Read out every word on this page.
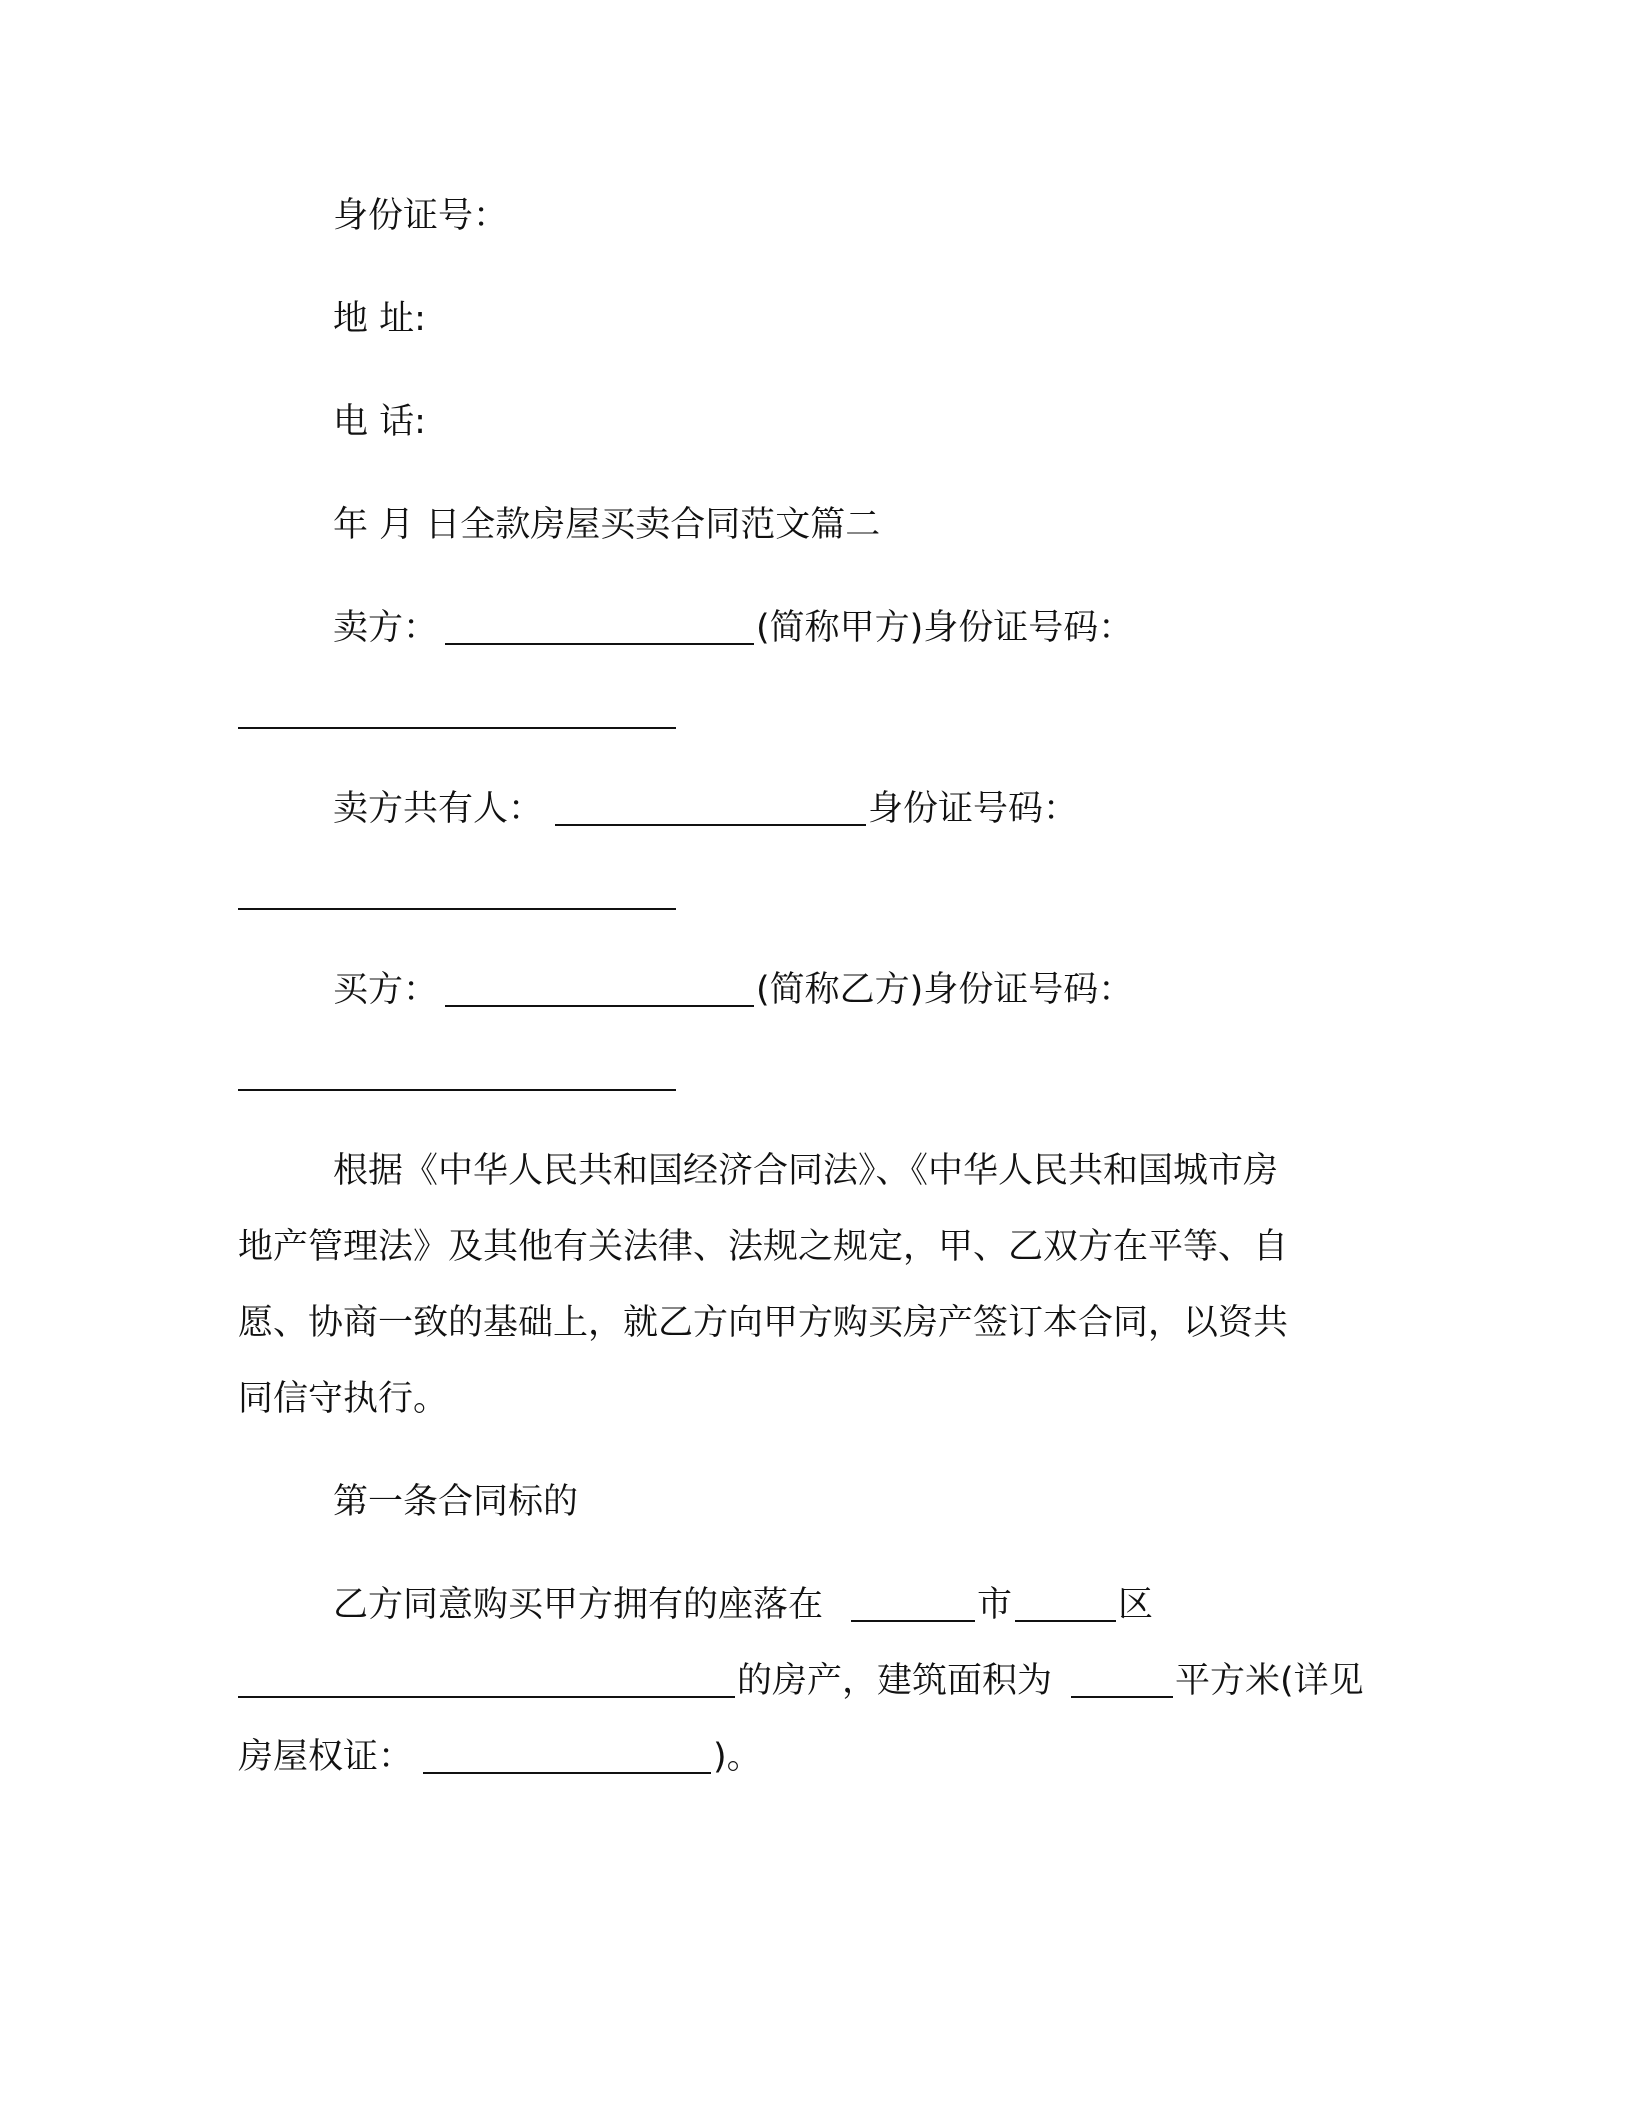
身份证号：
地 址:
电 话:
年 月 日全款房屋买卖合同范文篇二
卖方：	(简称甲方)身份证号码：
卖方共有人：	身份证号码：
买方：	(简称乙方)身份证号码：
根据《中华人民共和国经济合同法》、《中华人民共和国城市房
地产管理法》及其他有关法律、法规之规定，甲、乙双方在平等、自
愿、协商一致的基础上，就乙方向甲方购买房产签订本合同，以资共
同信守执行。
第一条合同标的
乙方同意购买甲方拥有的座落在	市	区
的房产，建筑面积为	平方米(详见
房屋权证：	)。
